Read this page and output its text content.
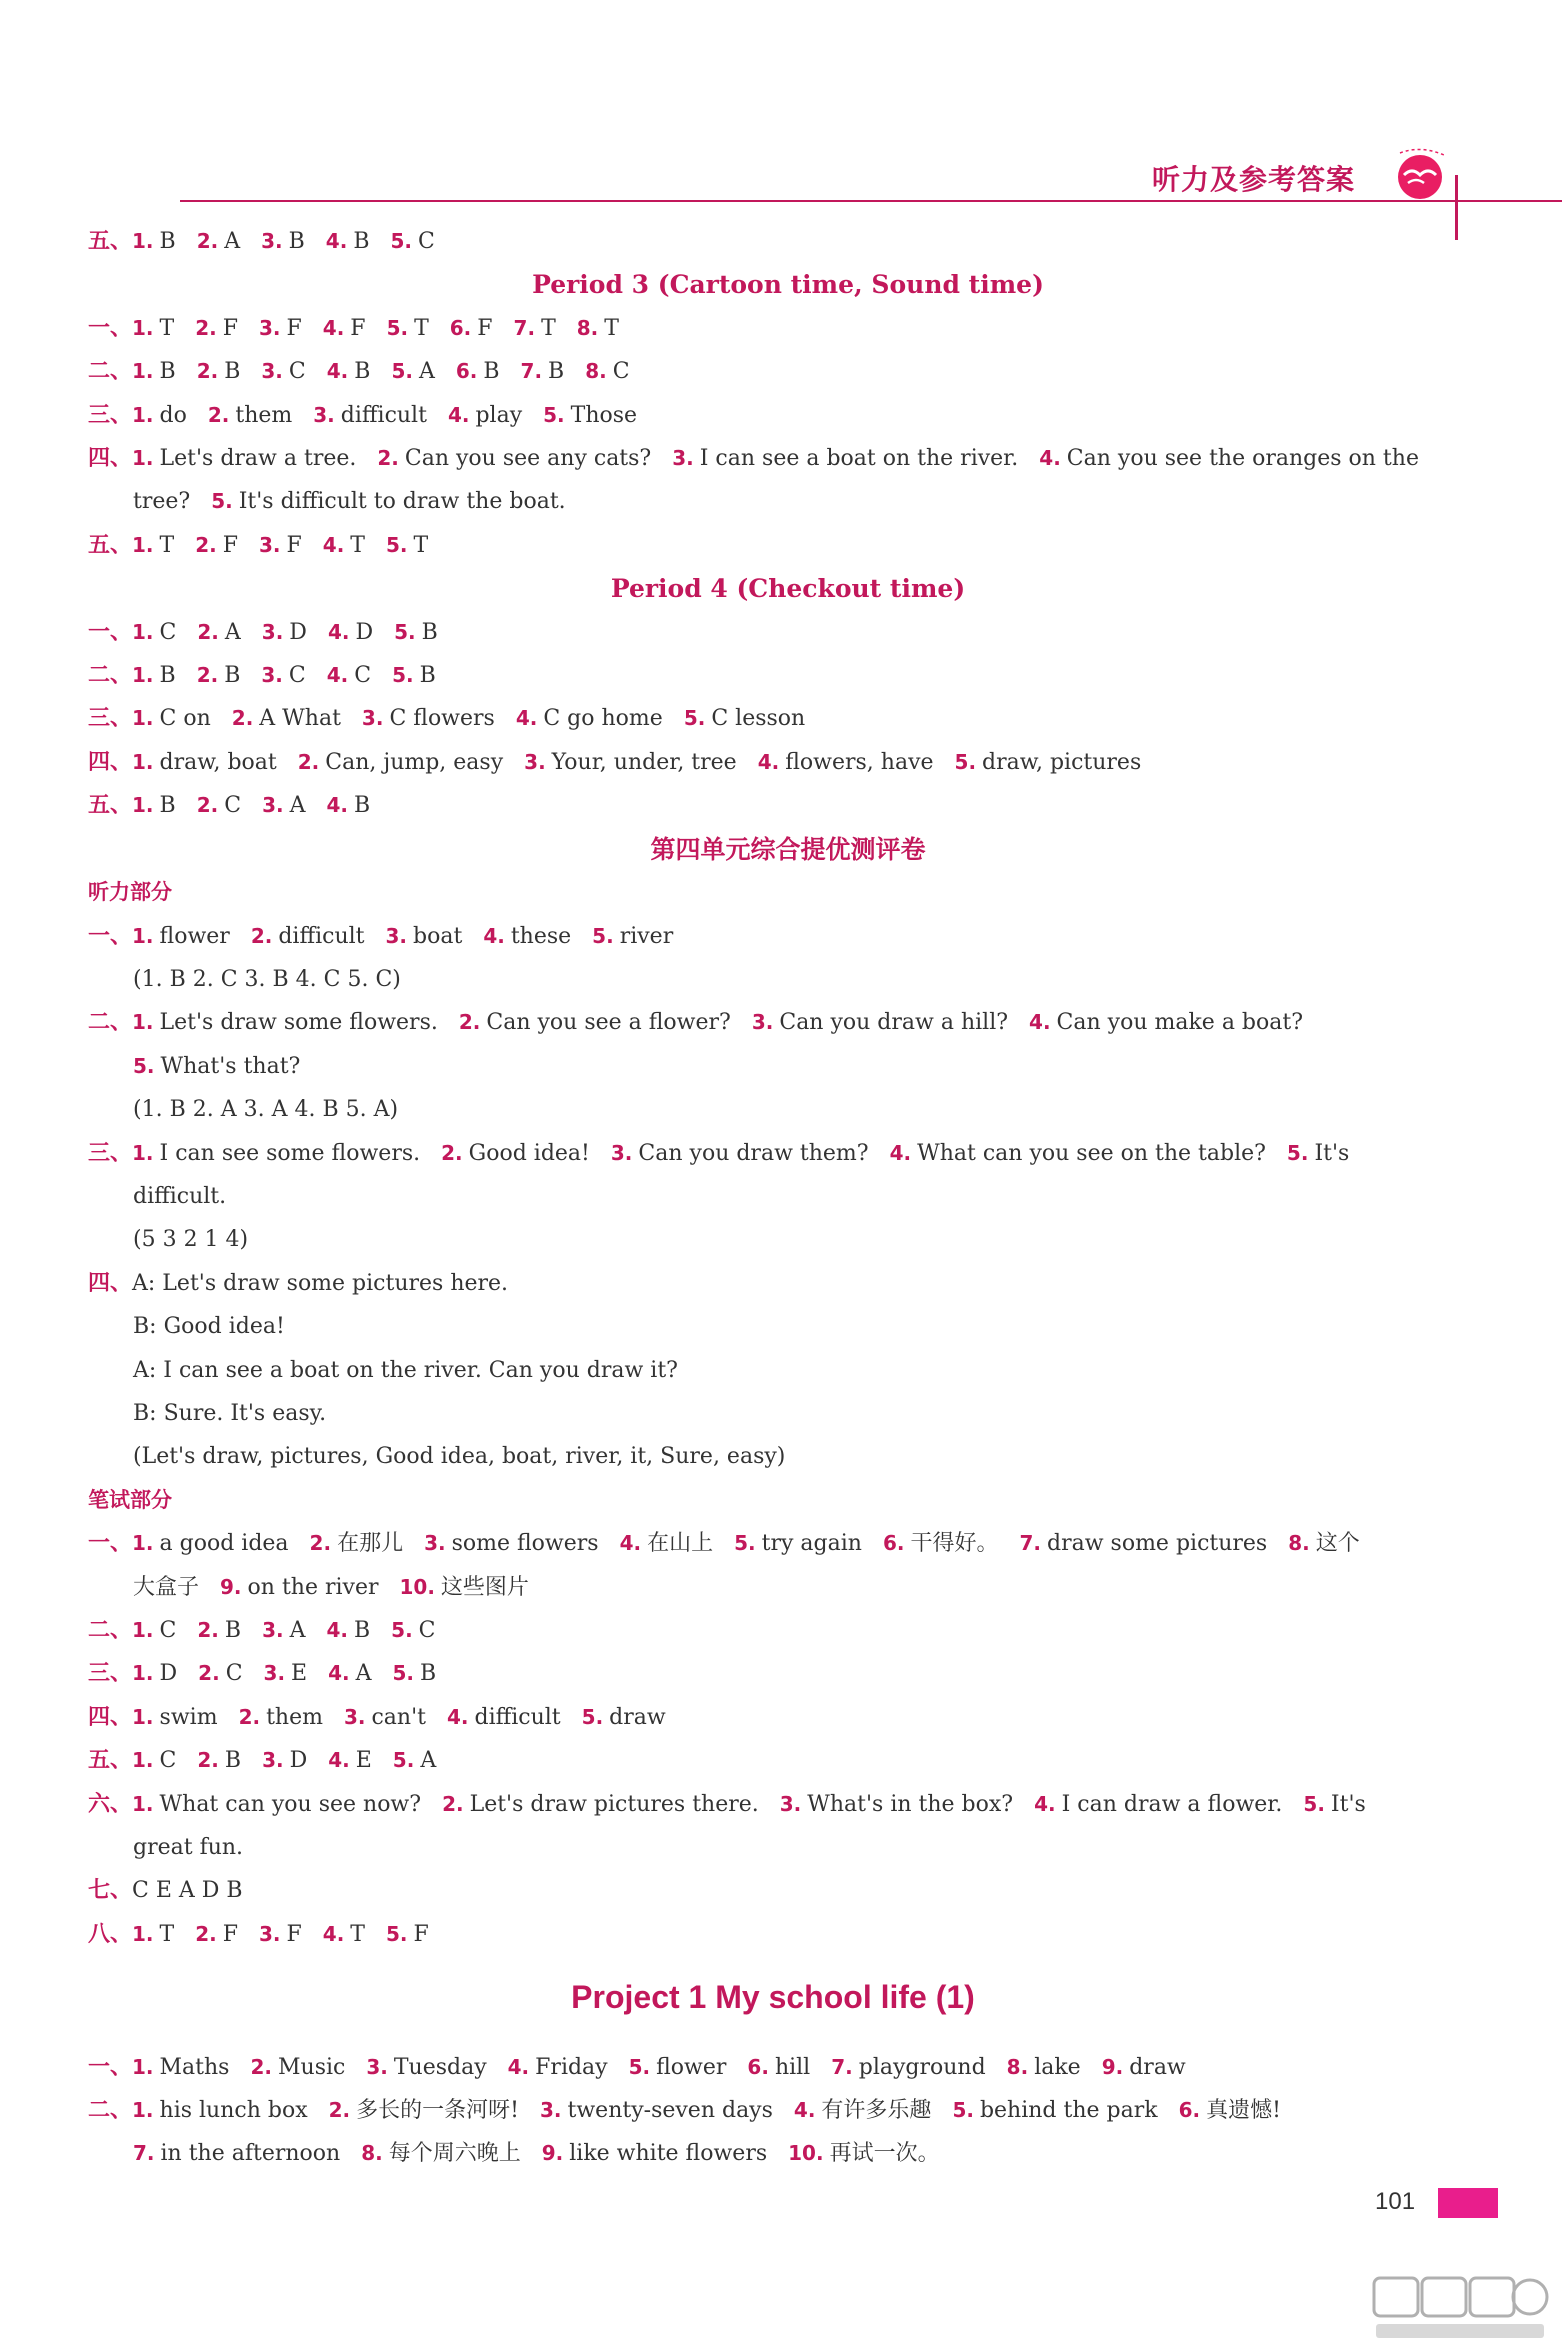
听力及参考答案
五、1. B 2. A 3. B 4. B 5. C
Period 3 (Cartoon time, Sound time)
一、1. T 2. F 3. F 4. F 5. T 6. F 7. T 8. T
二、1. B 2. B 3. C 4. B 5. A 6. B 7. B 8. C
三、1. do 2. them 3. difficult 4. play 5. Those
四、1. Let's draw a tree. 2. Can you see any cats? 3. I can see a boat on the river. 4. Can you see the oranges on the
tree? 5. It's difficult to draw the boat.
五、1. T 2. F 3. F 4. T 5. T
Period 4 (Checkout time)
一、1. C 2. A 3. D 4. D 5. B
二、1. B 2. B 3. C 4. C 5. B
三、1. C on 2. A What 3. C flowers 4. C go home 5. C lesson
四、1. draw, boat 2. Can, jump, easy 3. Your, under, tree 4. flowers, have 5. draw, pictures
五、1. B 2. C 3. A 4. B
第四单元综合提优测评卷
听力部分
一、1. flower 2. difficult 3. boat 4. these 5. river
(1. B 2. C 3. B 4. C 5. C)
二、1. Let's draw some flowers. 2. Can you see a flower? 3. Can you draw a hill? 4. Can you make a boat?
5. What's that?
(1. B 2. A 3. A 4. B 5. A)
三、1. I can see some flowers. 2. Good idea! 3. Can you draw them? 4. What can you see on the table? 5. It's
difficult.
(5 3 2 1 4)
四、A: Let's draw some pictures here.
B: Good idea!
A: I can see a boat on the river. Can you draw it?
B: Sure. It's easy.
(Let's draw, pictures, Good idea, boat, river, it, Sure, easy)
笔试部分
一、1. a good idea 2. 在那儿 3. some flowers 4. 在山上 5. try again 6. 干得好。 7. draw some pictures 8. 这个
大盒子 9. on the river 10. 这些图片
二、1. C 2. B 3. A 4. B 5. C
三、1. D 2. C 3. E 4. A 5. B
四、1. swim 2. them 3. can't 4. difficult 5. draw
五、1. C 2. B 3. D 4. E 5. A
六、1. What can you see now? 2. Let's draw pictures there. 3. What's in the box? 4. I can draw a flower. 5. It's
great fun.
七、C E A D B
八、1. T 2. F 3. F 4. T 5. F
Project 1 My school life (1)
一、1. Maths 2. Music 3. Tuesday 4. Friday 5. flower 6. hill 7. playground 8. lake 9. draw
二、1. his lunch box 2. 多长的一条河呀! 3. twenty-seven days 4. 有许多乐趣 5. behind the park 6. 真遗憾!
7. in the afternoon 8. 每个周六晚上 9. like white flowers 10. 再试一次。
101
